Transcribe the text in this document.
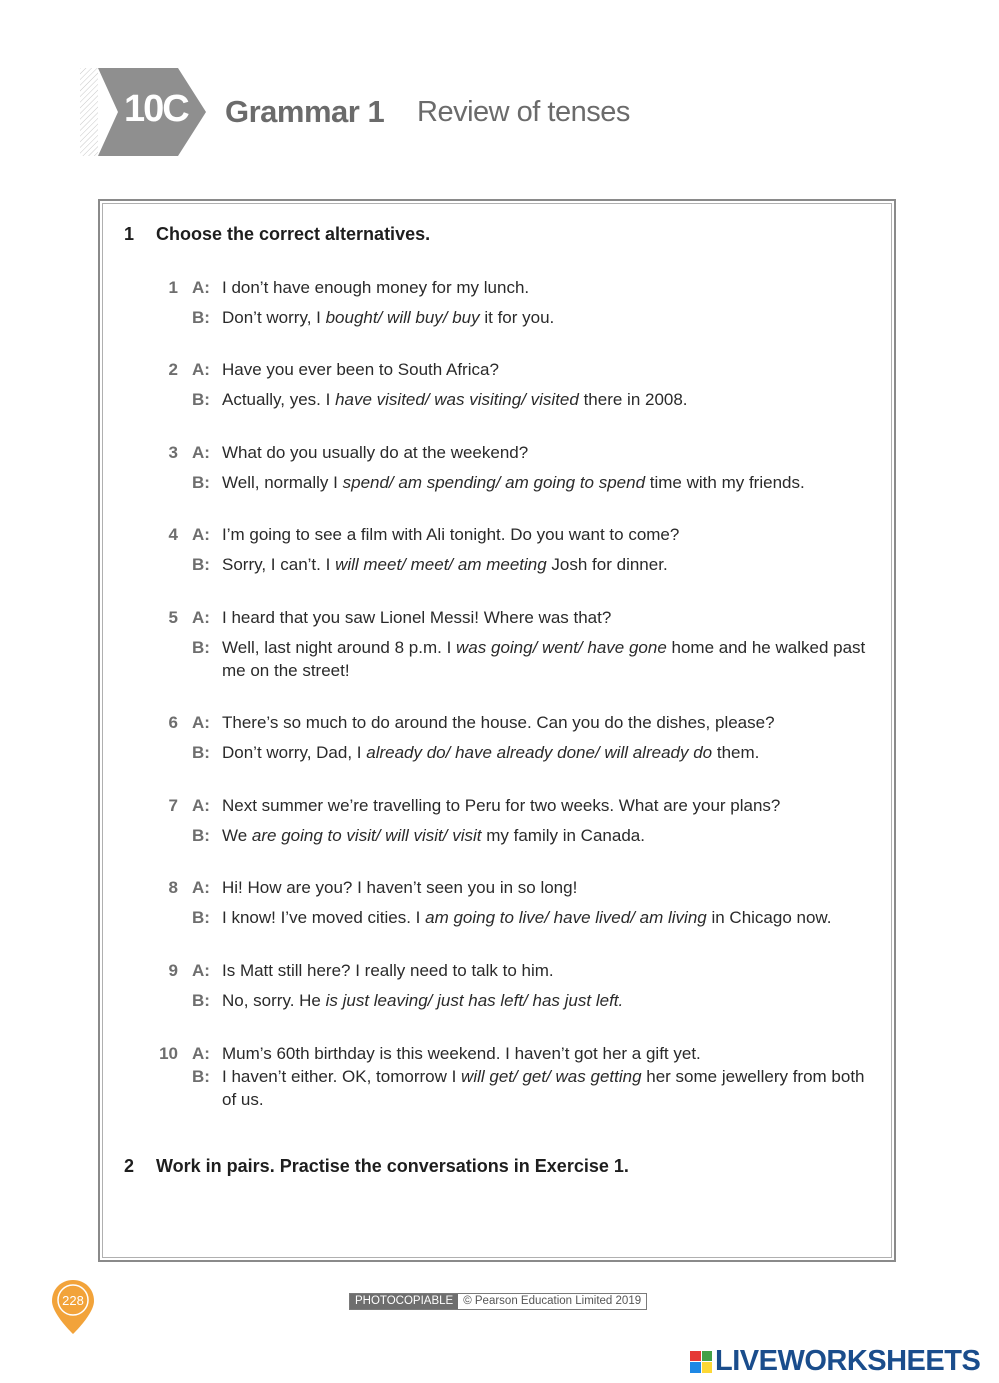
10C Grammar 1 Review of tenses
1 Choose the correct alternatives.
1 A: I don’t have enough money for my lunch.
B: Don’t worry, I bought/ will buy/ buy it for you.
2 A: Have you ever been to South Africa?
B: Actually, yes. I have visited/ was visiting/ visited there in 2008.
3 A: What do you usually do at the weekend?
B: Well, normally I spend/ am spending/ am going to spend time with my friends.
4 A: I’m going to see a film with Ali tonight. Do you want to come?
B: Sorry, I can’t. I will meet/ meet/ am meeting Josh for dinner.
5 A: I heard that you saw Lionel Messi! Where was that?
B: Well, last night around 8 p.m. I was going/ went/ have gone home and he walked past me on the street!
6 A: There’s so much to do around the house. Can you do the dishes, please?
B: Don’t worry, Dad, I already do/ have already done/ will already do them.
7 A: Next summer we’re travelling to Peru for two weeks. What are your plans?
B: We are going to visit/ will visit/ visit my family in Canada.
8 A: Hi! How are you? I haven’t seen you in so long!
B: I know! I’ve moved cities. I am going to live/ have lived/ am living in Chicago now.
9 A: Is Matt still here? I really need to talk to him.
B: No, sorry. He is just leaving/ just has left/ has just left.
10 A: Mum’s 60th birthday is this weekend. I haven’t got her a gift yet.
B: I haven’t either. OK, tomorrow I will get/ get/ was getting her some jewellery from both of us.
2 Work in pairs. Practise the conversations in Exercise 1.
228	PHOTOCOPIABLE © Pearson Education Limited 2019
LIVEWORKSHEETS
